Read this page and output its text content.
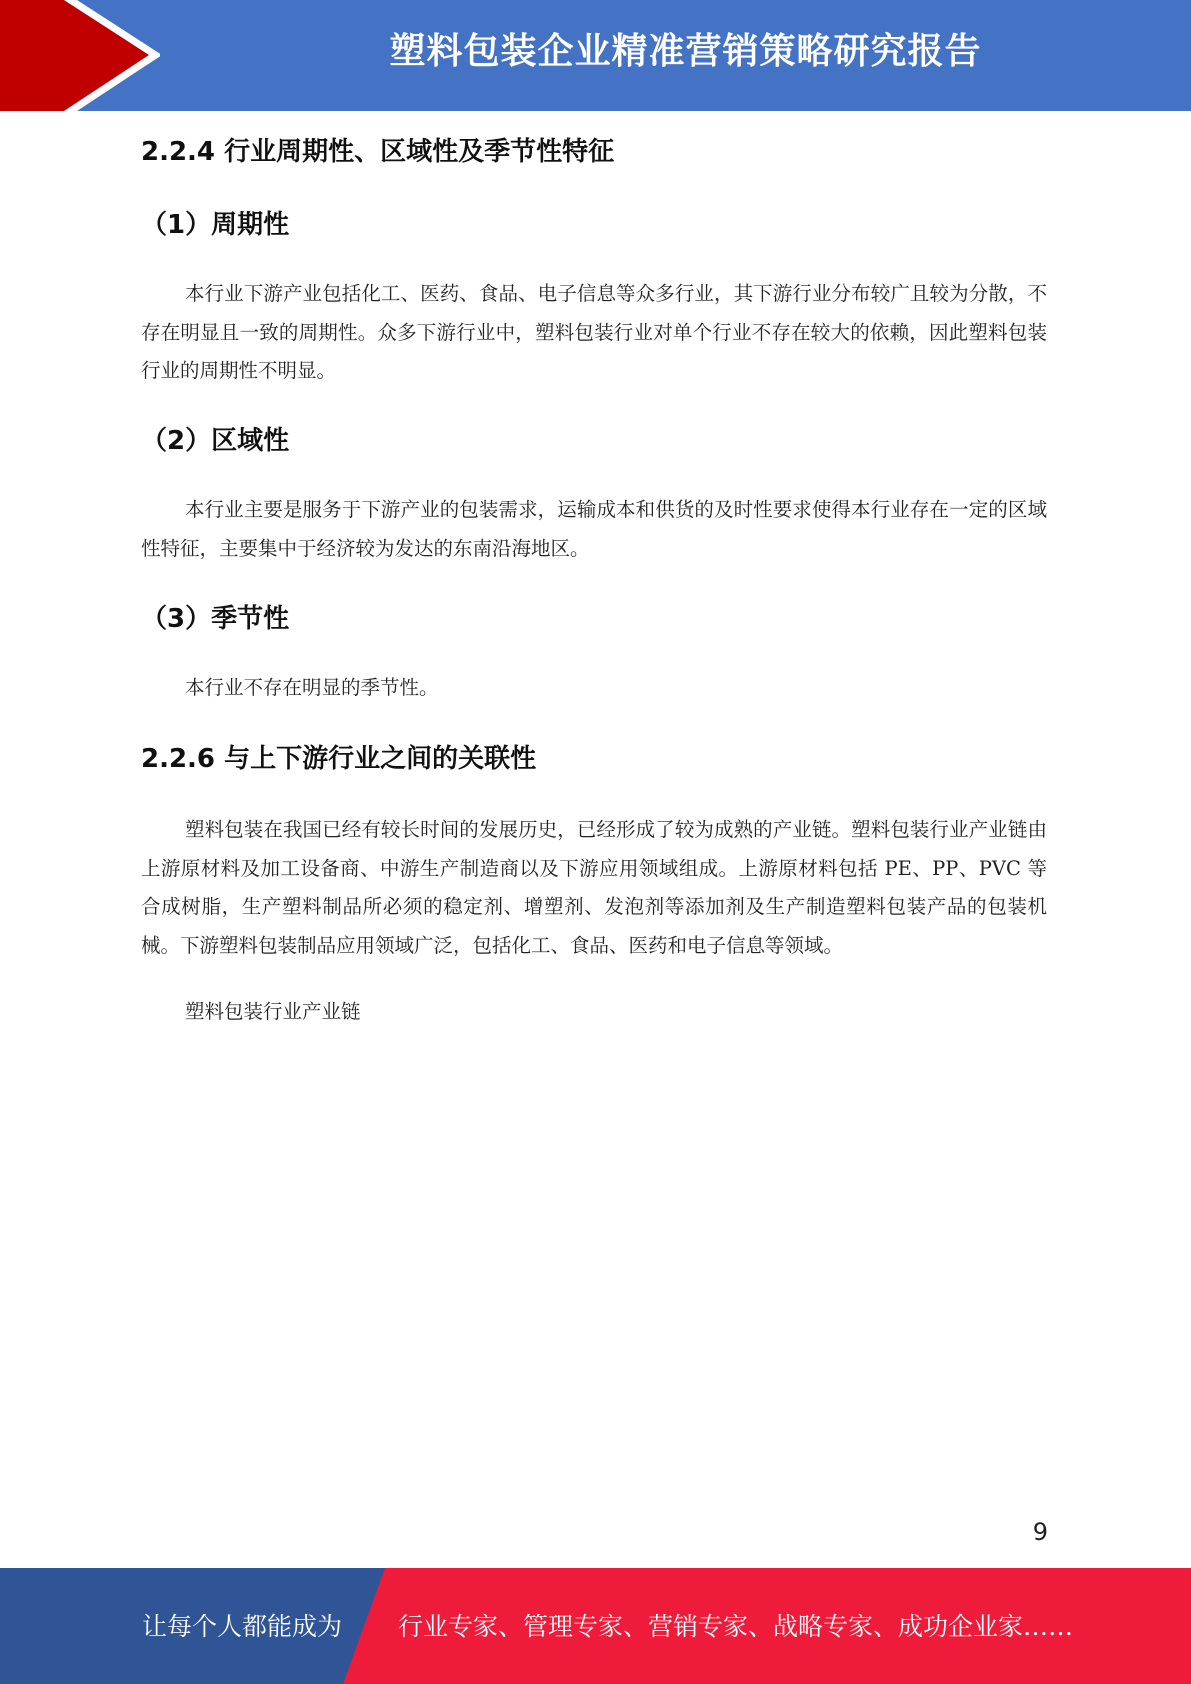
塑料包装企业精准营销策略研究报告
2.2.4 行业周期性、区域性及季节性特征
（1）周期性

本行业下游产业包括化工、医药、食品、电子信息等众多行业，其下游行业分布较广且较为分散，不存在明显且一致的周期性。众多下游行业中，塑料包装行业对单个行业不存在较大的依赖，因此塑料包装行业的周期性不明显。

（2）区域性

本行业主要是服务于下游产业的包装需求，运输成本和供货的及时性要求使得本行业存在一定的区域性特征，主要集中于经济较为发达的东南沿海地区。

（3）季节性

本行业不存在明显的季节性。

2.2.6 与上下游行业之间的关联性

塑料包装在我国已经有较长时间的发展历史，已经形成了较为成熟的产业链。塑料包装行业产业链由上游原材料及加工设备商、中游生产制造商以及下游应用领域组成。上游原材料包括 PE、PP、PVC 等合成树脂，生产塑料制品所必须的稳定剂、增塑剂、发泡剂等添加剂及生产制造塑料包装产品的包装机械。下游塑料包装制品应用领域广泛，包括化工、食品、医药和电子信息等领域。

塑料包装行业产业链

9
让每个人都能成为 行业专家、管理专家、营销专家、战略专家、成功企业家……
